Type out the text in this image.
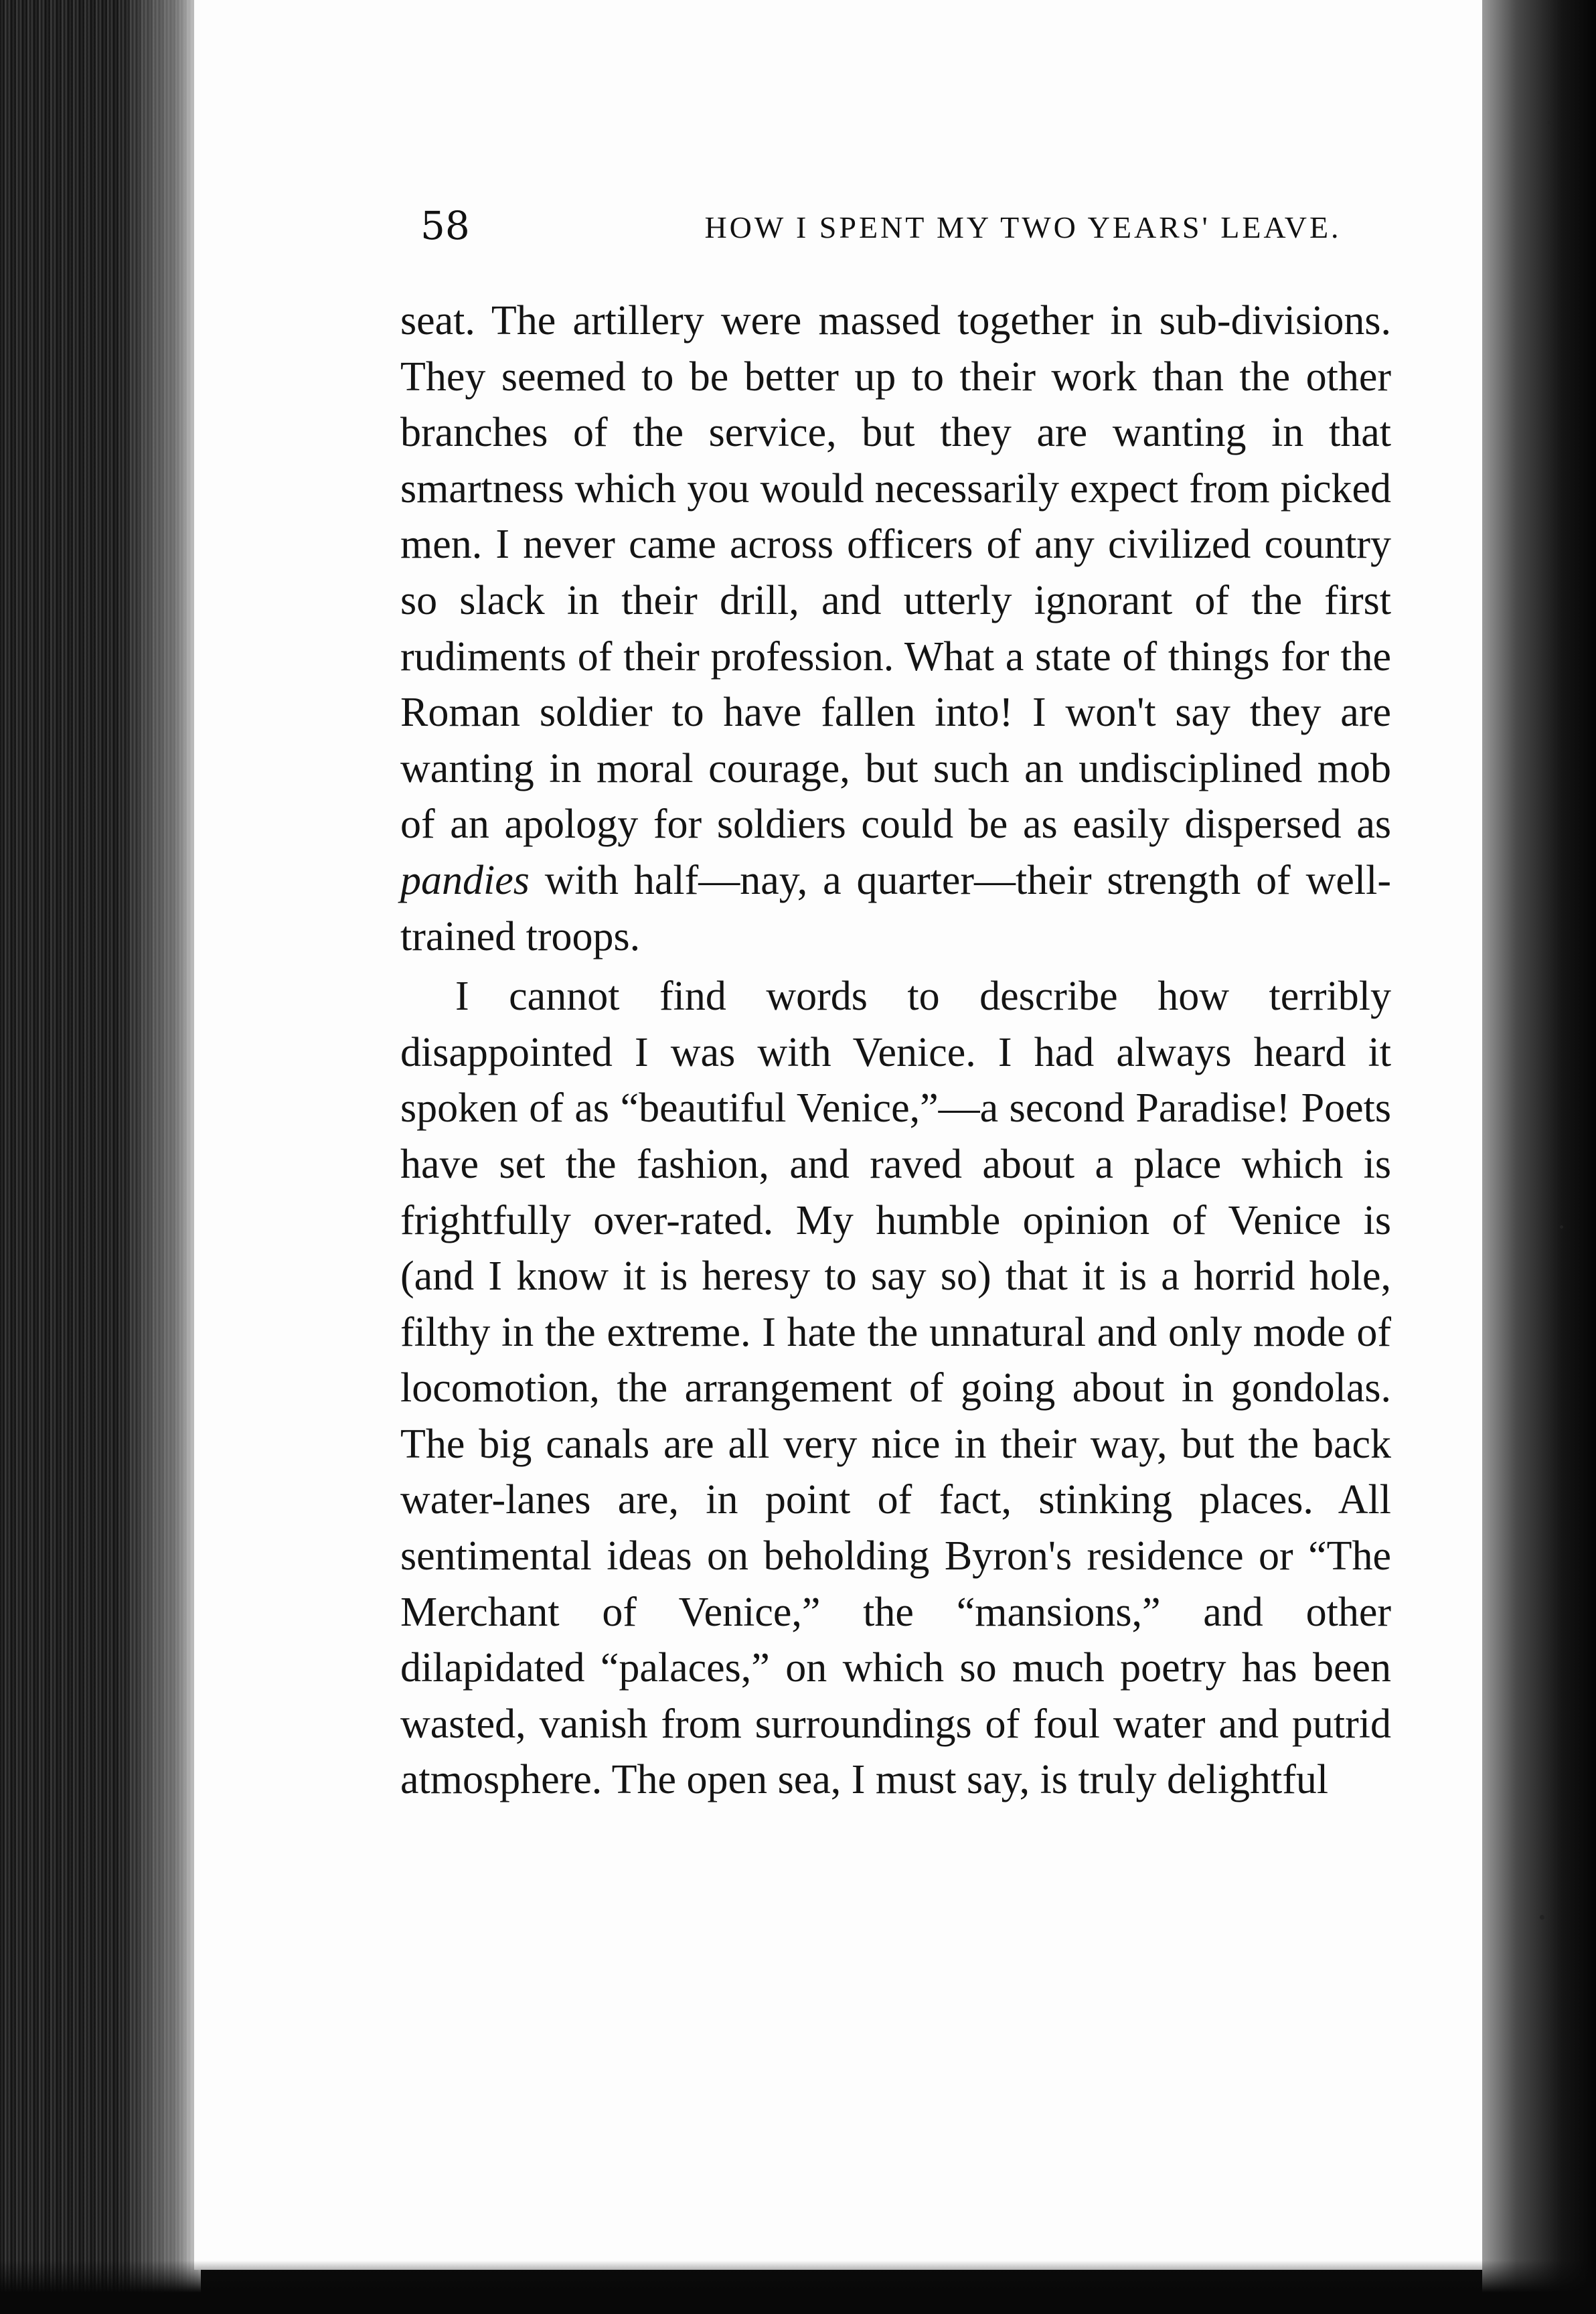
58	HOW I SPENT MY TWO YEARS' LEAVE.

seat. The artillery were massed together in sub-divisions. They seemed to be better up to their work than the other branches of the service, but they are wanting in that smartness which you would necessarily expect from picked men. I never came across officers of any civilized country so slack in their drill, and utterly ignorant of the first rudiments of their profession. What a state of things for the Roman soldier to have fallen into! I won't say they are wanting in moral courage, but such an undisciplined mob of an apology for soldiers could be as easily dispersed as pandies with half—nay, a quarter—their strength of well-trained troops.

I cannot find words to describe how terribly disappointed I was with Venice. I had always heard it spoken of as “beautiful Venice,”—a second Paradise! Poets have set the fashion, and raved about a place which is frightfully over-rated. My humble opinion of Venice is (and I know it is heresy to say so) that it is a horrid hole, filthy in the extreme. I hate the unnatural and only mode of locomotion, the arrangement of going about in gondolas. The big canals are all very nice in their way, but the back water-lanes are, in point of fact, stinking places. All sentimental ideas on beholding Byron's residence or “The Merchant of Venice,” the “mansions,” and other dilapidated “palaces,” on which so much poetry has been wasted, vanish from surroundings of foul water and putrid atmosphere. The open sea, I must say, is truly delightful
